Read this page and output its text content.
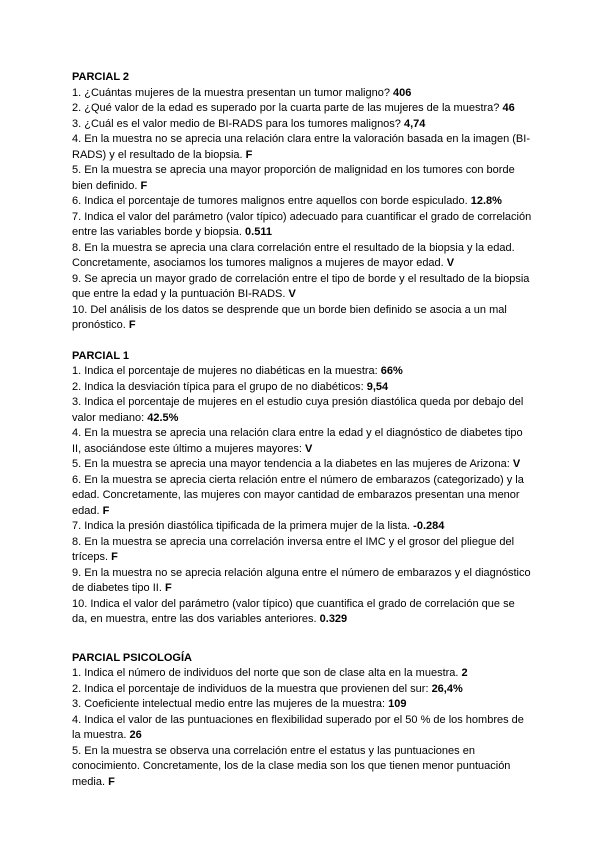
PARCIAL 2

1. ¿Cuántas mujeres de la muestra presentan un tumor maligno? 406

2. ¿Qué valor de la edad es superado por la cuarta parte de las mujeres de la muestra? 46

3. ¿Cuál es el valor medio de BI-RADS para los tumores malignos? 4,74

4. En la muestra no se aprecia una relación clara entre la valoración basada en la imagen (BI-RADS) y el resultado de la biopsia. F

5. En la muestra se aprecia una mayor proporción de malignidad en los tumores con borde bien definido. F

6. Indica el porcentaje de tumores malignos entre aquellos con borde espiculado. 12.8%

7. Indica el valor del parámetro (valor típico) adecuado para cuantificar el grado de correlación entre las variables borde y biopsia. 0.511

8. En la muestra se aprecia una clara correlación entre el resultado de la biopsia y la edad. Concretamente, asociamos los tumores malignos a mujeres de mayor edad. V

9. Se aprecia un mayor grado de correlación entre el tipo de borde y el resultado de la biopsia que entre la edad y la puntuación BI-RADS. V

10. Del análisis de los datos se desprende que un borde bien definido se asocia a un mal pronóstico. F

PARCIAL 1

1. Indica el porcentaje de mujeres no diabéticas en la muestra: 66%

2. Indica la desviación típica para el grupo de no diabéticos: 9,54

3. Indica el porcentaje de mujeres en el estudio cuya presión diastólica queda por debajo del valor mediano: 42.5%

4. En la muestra se aprecia una relación clara entre la edad y el diagnóstico de diabetes tipo II, asociándose este último a mujeres mayores: V

5. En la muestra se aprecia una mayor tendencia a la diabetes en las mujeres de Arizona: V

6. En la muestra se aprecia cierta relación entre el número de embarazos (categorizado) y la edad. Concretamente, las mujeres con mayor cantidad de embarazos presentan una menor edad. F

7. Indica la presión diastólica tipificada de la primera mujer de la lista. -0.284

8. En la muestra se aprecia una correlación inversa entre el IMC y el grosor del pliegue del tríceps. F

9. En la muestra no se aprecia relación alguna entre el número de embarazos y el diagnóstico de diabetes tipo II. F

10. Indica el valor del parámetro (valor típico) que cuantifica el grado de correlación que se da, en muestra, entre las dos variables anteriores. 0.329

PARCIAL PSICOLOGÍA

1. Indica el número de individuos del norte que son de clase alta en la muestra. 2

2. Indica el porcentaje de individuos de la muestra que provienen del sur: 26,4%

3. Coeficiente intelectual medio entre las mujeres de la muestra: 109

4. Indica el valor de las puntuaciones en flexibilidad superado por el 50 % de los hombres de la muestra. 26

5. En la muestra se observa una correlación entre el estatus y las puntuaciones en conocimiento. Concretamente, los de la clase media son los que tienen menor puntuación media. F
